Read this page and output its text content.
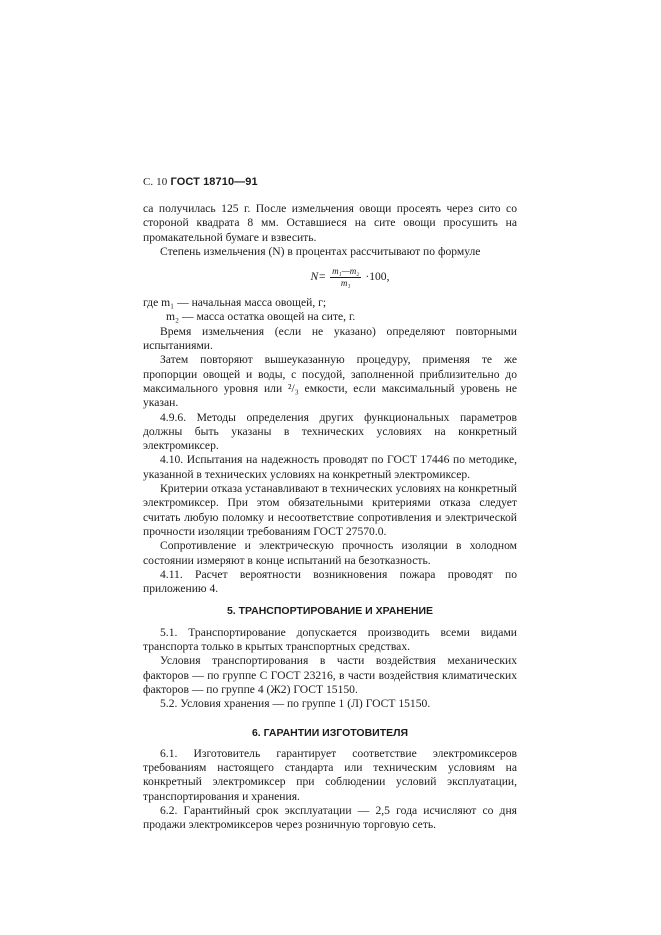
С. 10 ГОСТ 18710—91

са получилась 125 г. После измельчения овощи просеять через сито со стороной квадрата 8 мм. Оставшиеся на сите овощи просушить на промакательной бумаге и взвесить.

Степень измельчения (N) в процентах рассчитывают по формуле

$N= \frac{\text{m₁—m₂}}{\text{m₁}} \cdot 100$,

где m₁ — начальная масса овощей, г;

m₂ — масса остатка овощей на сите, г.

Время измельчения (если не указано) определяют повторными испытаниями.

Затем повторяют вышеуказанную процедуру, применяя те же пропорции овощей и воды, с посудой, заполненной приблизительно до максимального уровня или ²/₃ емкости, если максимальный уровень не указан.

4.9.6. Методы определения других функциональных параметров должны быть указаны в технических условиях на конкретный электромиксер.

4.10. Испытания на надежность проводят по ГОСТ 17446 по методике, указанной в технических условиях на конкретный электромиксер.

Критерии отказа устанавливают в технических условиях на конкретный электромиксер. При этом обязательными критериями отказа следует считать любую поломку и несоответствие сопротивления и электрической прочности изоляции требованиям ГОСТ 27570.0.

Сопротивление и электрическую прочность изоляции в холодном состоянии измеряют в конце испытаний на безотказность.

4.11. Расчет вероятности возникновения пожара проводят по приложению 4.

5. ТРАНСПОРТИРОВАНИЕ И ХРАНЕНИЕ

5.1. Транспортирование допускается производить всеми видами транспорта только в крытых транспортных средствах.

Условия транспортирования в части воздействия механических факторов — по группе С ГОСТ 23216, в части воздействия климатических факторов — по группе 4 (Ж2) ГОСТ 15150.

5.2. Условия хранения — по группе 1 (Л) ГОСТ 15150.

6. ГАРАНТИИ ИЗГОТОВИТЕЛЯ

6.1. Изготовитель гарантирует соответствие электромиксеров требованиям настоящего стандарта или техническим условиям на конкретный электромиксер при соблюдении условий эксплуатации, транспортирования и хранения.

6.2. Гарантийный срок эксплуатации — 2,5 года исчисляют со дня продажи электромиксеров через розничную торговую сеть.
